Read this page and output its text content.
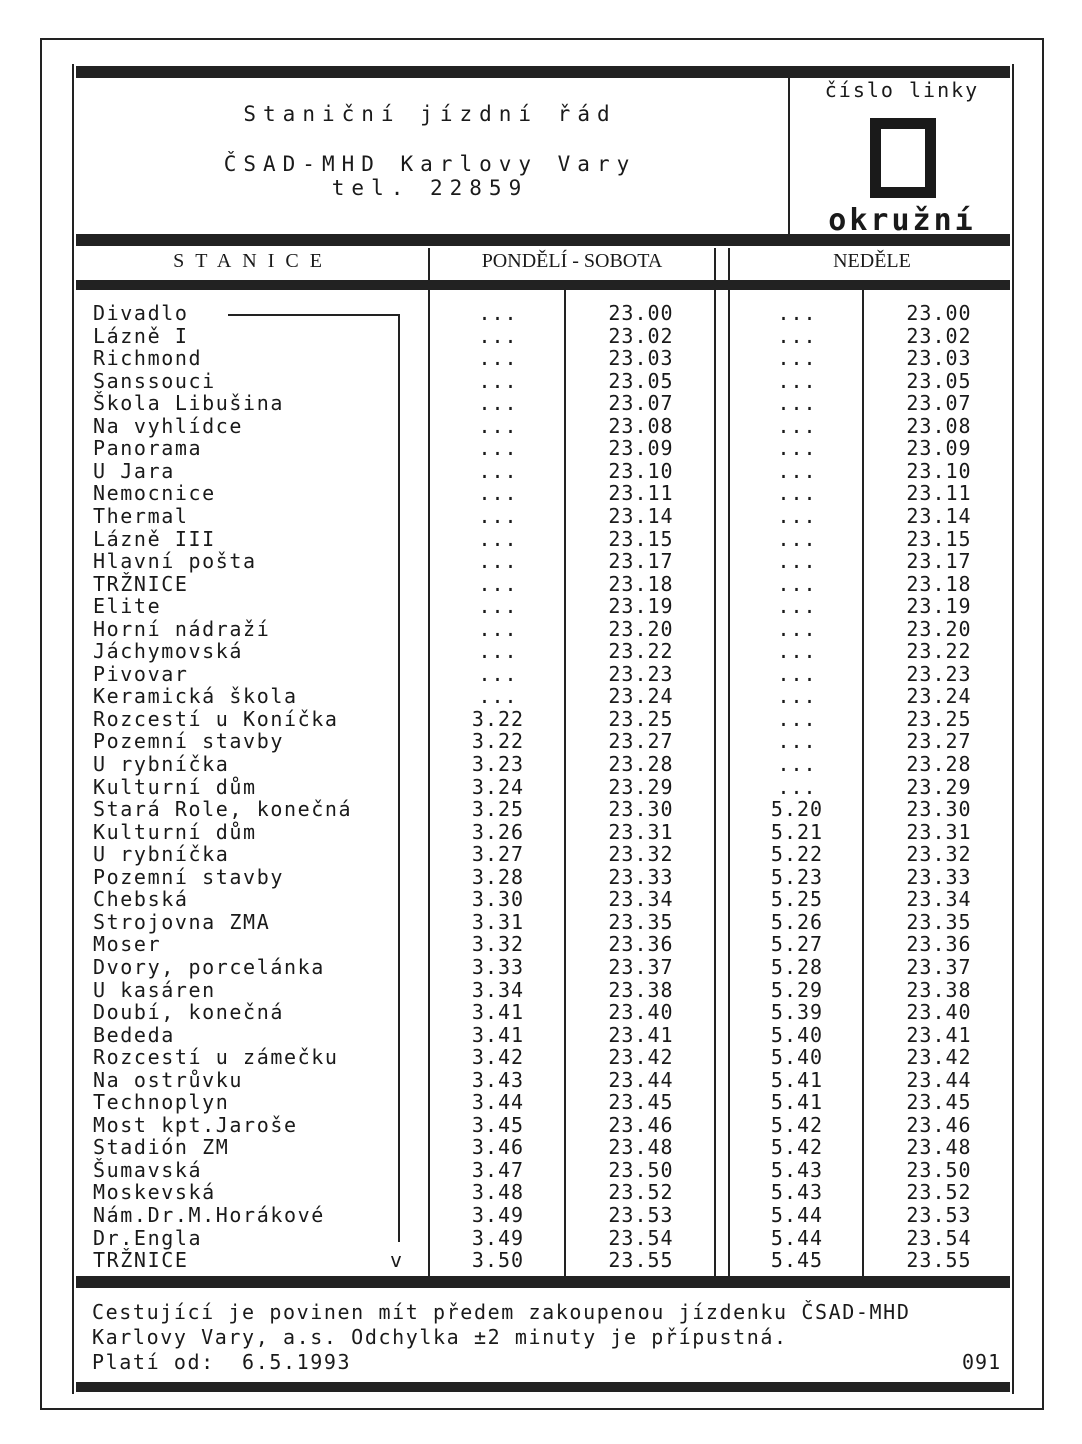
Staniční jízdní řád
ČSAD-MHD Karlovy Vary
tel. 22859
číslo linky
okružní
STANICE	PONDĚLÍ - SOBOTA	NEDĚLE
Divadlo	...	23.00	...	23.00
Lázně I	...	23.02	...	23.02
Richmond	...	23.03	...	23.03
Sanssouci	...	23.05	...	23.05
Škola Libušina	...	23.07	...	23.07
Na vyhlídce	...	23.08	...	23.08
Panorama	...	23.09	...	23.09
U Jara	...	23.10	...	23.10
Nemocnice	...	23.11	...	23.11
Thermal	...	23.14	...	23.14
Lázně III	...	23.15	...	23.15
Hlavní pošta	...	23.17	...	23.17
TRŽNICE	...	23.18	...	23.18
Elite	...	23.19	...	23.19
Horní nádraží	...	23.20	...	23.20
Jáchymovská	...	23.22	...	23.22
Pivovar	...	23.23	...	23.23
Keramická škola	...	23.24	...	23.24
Rozcestí u Koníčka	3.22	23.25	...	23.25
Pozemní stavby	3.22	23.27	...	23.27
U rybníčka	3.23	23.28	...	23.28
Kulturní dům	3.24	23.29	...	23.29
Stará Role, konečná	3.25	23.30	5.20	23.30
Kulturní dům	3.26	23.31	5.21	23.31
U rybníčka	3.27	23.32	5.22	23.32
Pozemní stavby	3.28	23.33	5.23	23.33
Chebská	3.30	23.34	5.25	23.34
Strojovna ZMA	3.31	23.35	5.26	23.35
Moser	3.32	23.36	5.27	23.36
Dvory, porcelánka	3.33	23.37	5.28	23.37
U kasáren	3.34	23.38	5.29	23.38
Doubí, konečná	3.41	23.40	5.39	23.40
Bededa	3.41	23.41	5.40	23.41
Rozcestí u zámečku	3.42	23.42	5.40	23.42
Na ostrůvku	3.43	23.44	5.41	23.44
Technoplyn	3.44	23.45	5.41	23.45
Most kpt.Jaroše	3.45	23.46	5.42	23.46
Stadión ZM	3.46	23.48	5.42	23.48
Šumavská	3.47	23.50	5.43	23.50
Moskevská	3.48	23.52	5.43	23.52
Nám.Dr.M.Horákové	3.49	23.53	5.44	23.53
Dr.Engla	3.49	23.54	5.44	23.54
TRŽNICE	3.50	23.55	5.45	23.55
v
Cestující je povinen mít předem zakoupenou jízdenku ČSAD-MHD
Karlovy Vary, a.s. Odchylka ±2 minuty je přípustná.
Platí od:  6.5.1993	091
